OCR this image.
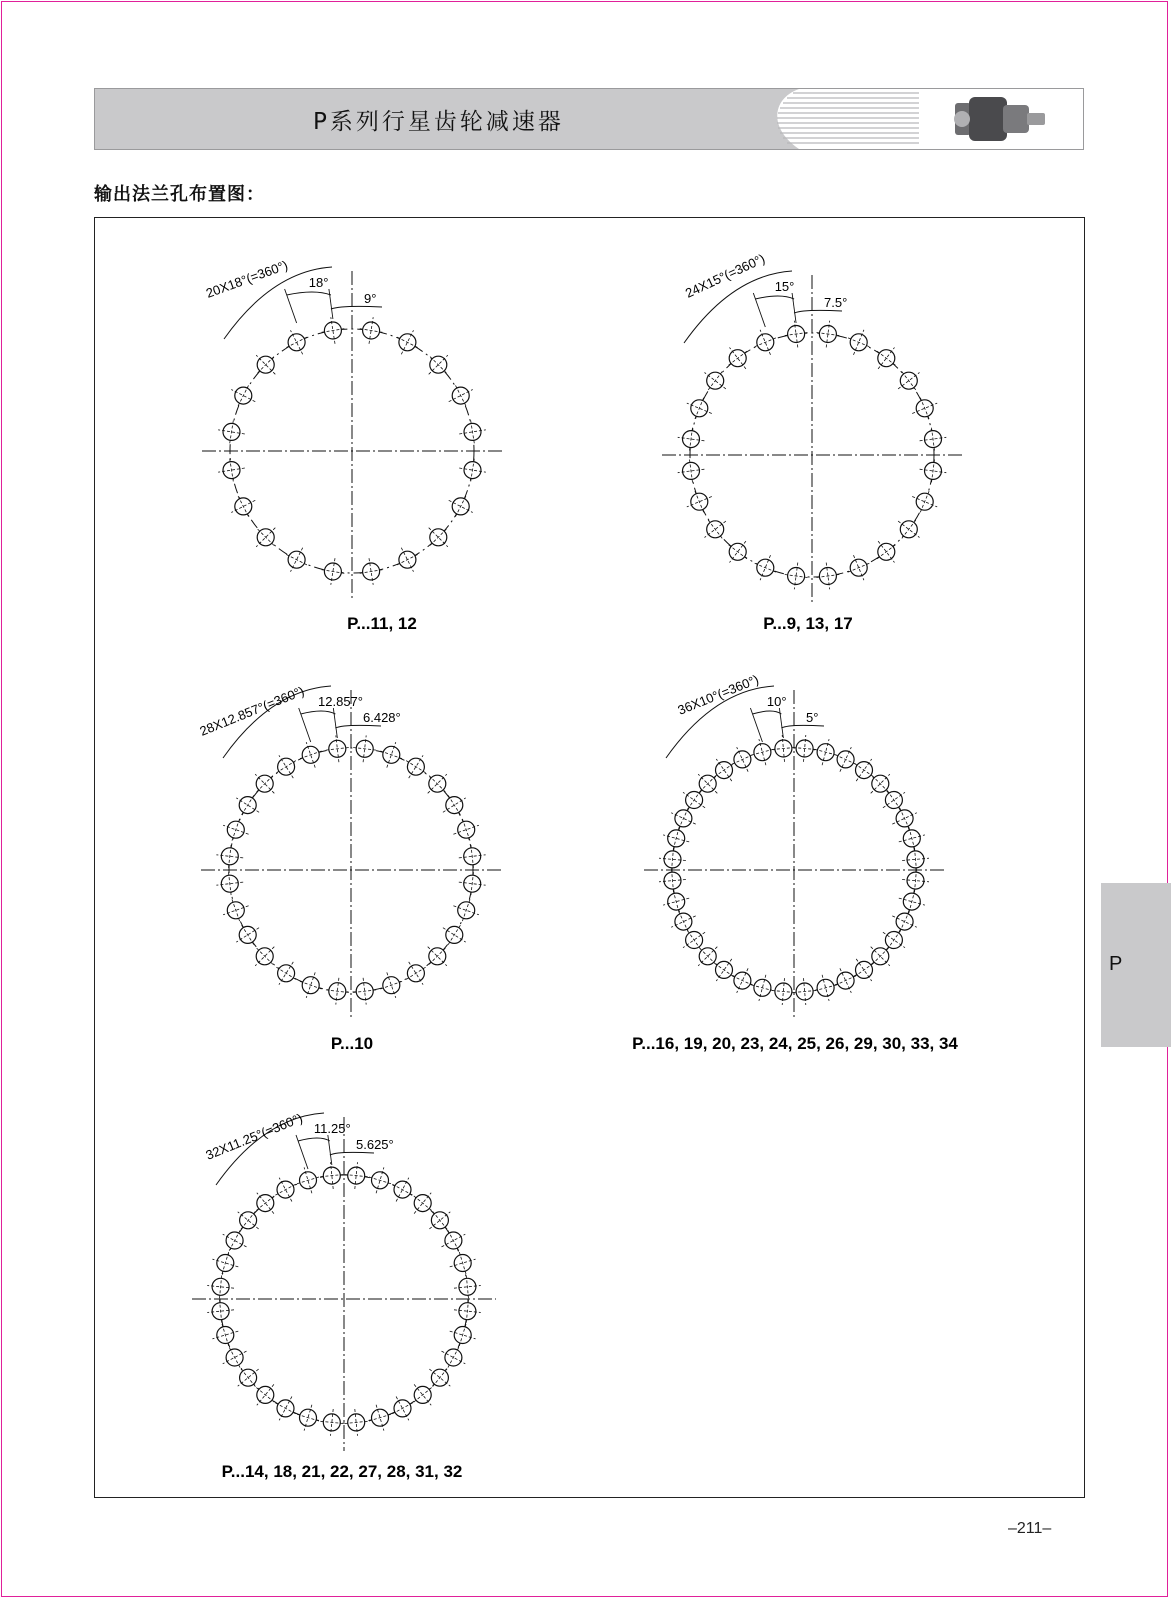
P系列行星齿轮减速器
输出法兰孔布置图：
20X18°(=360°) 18°
9°
P...11, 12
24X15°(=360°) 15°
7.5°
P...9, 13, 17
28X12.857°(=360°) 12.857°
6.428°
P...10
36X10°(=360°) 10°
5°
P...16, 19, 20, 23, 24, 25, 26, 29, 30, 33, 34
32X11.25°(=360°) 11.25°
5.625°
P...14, 18, 21, 22, 27, 28, 31, 32
P
–211–
